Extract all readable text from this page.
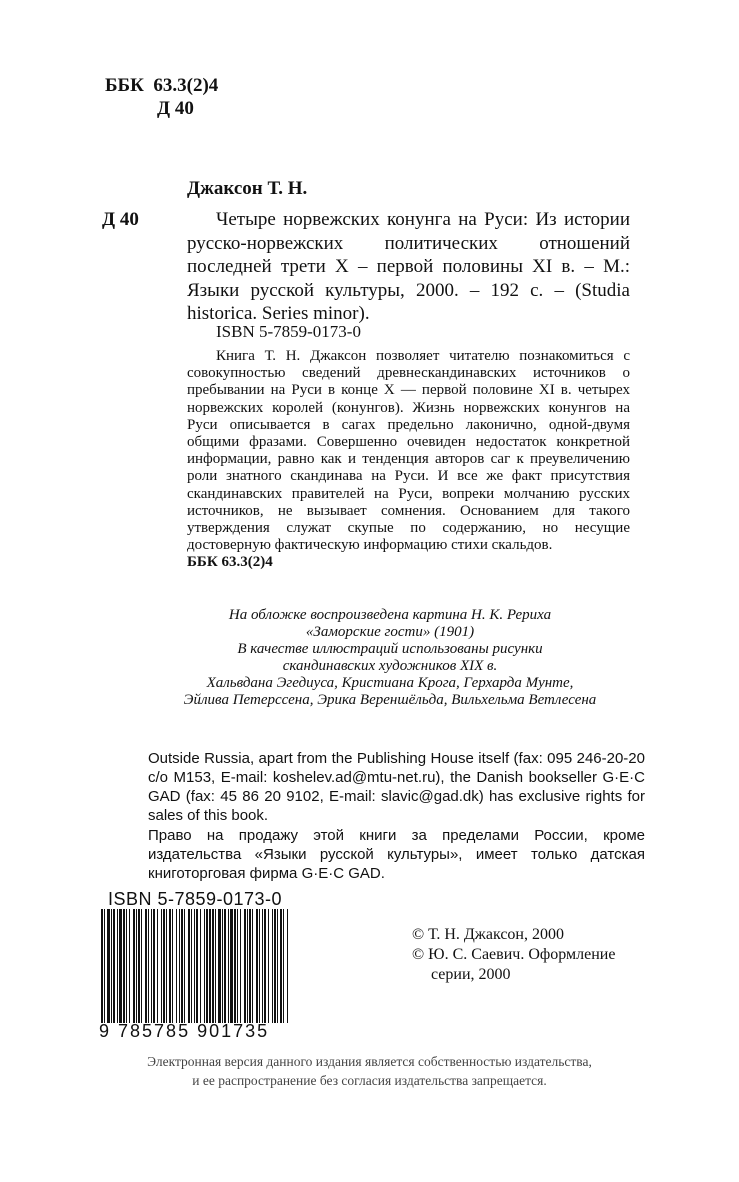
ББК  63.3(2)4
Д 40
Джаксон Т. Н.
Д 40	Четыре норвежских конунга на Руси: Из истории русско-норвежских политических отношений последней трети X – первой половины XI в. – М.: Языки русской культуры, 2000. – 192 с. – (Studia historica. Series minor).

ISBN 5-7859-0173-0

Книга Т. Н. Джаксон позволяет читателю познакомиться с совокупностью сведений древнескандинавских источников о пребывании на Руси в конце X — первой половине XI в. четырех норвежских королей (конунгов). Жизнь норвежских конунгов на Руси описывается в сагах предельно лаконично, одной-двумя общими фразами. Совершенно очевиден недостаток конкретной информации, равно как и тенденция авторов саг к преувеличению роли знатного скандинава на Руси. И все же факт присутствия скандинавских правителей на Руси, вопреки молчанию русских источников, не вызывает сомнения. Основанием для такого утверждения служат скупые по содержанию, но несущие достоверную фактическую информацию стихи скальдов.

ББК 63.3(2)4
На обложке воспроизведена картина Н. К. Рериха
«Заморские гости» (1901)
В качестве иллюстраций использованы рисунки
скандинавских художников XIX в.
Хальвдана Эгедиуса, Кристиана Крога, Герхарда Мунте,
Эйлива Петерссена, Эрика Вереншёльда, Вильхельма Ветлесена

Outside Russia, apart from the Publishing House itself (fax: 095 246-20-20 c/o M153, E-mail: koshelev.ad@mtu-net.ru), the Danish bookseller G·E·C GAD (fax: 45 86 20 9102, E-mail: slavic@gad.dk) has exclusive rights for sales of this book.

Право на продажу этой книги за пределами России, кроме издательства «Языки русской культуры», имеет только датская книготорговая фирма G·E·C GAD.

ISBN 5-7859-0173-0
9 785785 901735
© Т. Н. Джаксон, 2000
© Ю. С. Саевич. Оформление
серии, 2000
Электронная версия данного издания является собственностью издательства,
и ее распространение без согласия издательства запрещается.
